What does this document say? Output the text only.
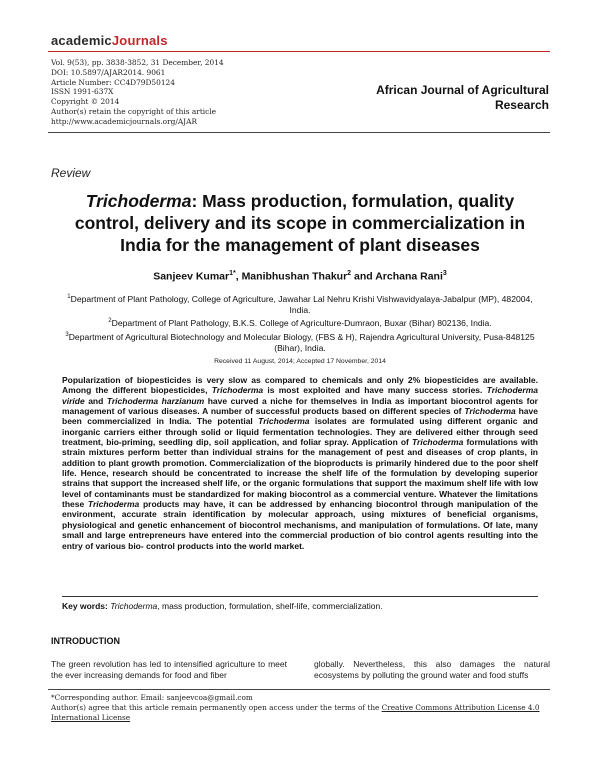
academicJournals
Vol. 9(53), pp. 3838-3852, 31 December, 2014
DOI: 10.5897/AJAR2014. 9061
Article Number: CC4D79D50124
ISSN 1991-637X
Copyright © 2014
Author(s) retain the copyright of this article
http://www.academicjournals.org/AJAR
African Journal of Agricultural
Research
Review
Trichoderma: Mass production, formulation, quality control, delivery and its scope in commercialization in India for the management of plant diseases
Sanjeev Kumar$^{1*}$, Manibhushan Thakur$^2$ and Archana Rani$^3$
$^1$Department of Plant Pathology, College of Agriculture, Jawahar Lal Nehru Krishi Vishwavidyalaya-Jabalpur (MP), 482004, India.
$^2$Department of Plant Pathology, B.K.S. College of Agriculture-Dumraon, Buxar (Bihar) 802136, India.
$^3$Department of Agricultural Biotechnology and Molecular Biology, (FBS & H), Rajendra Agricultural University, Pusa-848125 (Bihar), India.
Received 11 August, 2014; Accepted 17 November, 2014
Popularization of biopesticides is very slow as compared to chemicals and only 2% biopesticides are available. Among the different biopesticides, Trichoderma is most exploited and have many success stories. Trichoderma viride and Trichoderma harzianum have curved a niche for themselves in India as important biocontrol agents for management of various diseases. A number of successful products based on different species of Trichoderma have been commercialized in India. The potential Trichoderma isolates are formulated using different organic and inorganic carriers either through solid or liquid fermentation technologies. They are delivered either through seed treatment, bio-priming, seedling dip, soil application, and foliar spray. Application of Trichoderma formulations with strain mixtures perform better than individual strains for the management of pest and diseases of crop plants, in addition to plant growth promotion. Commercialization of the bioproducts is primarily hindered due to the poor shelf life. Hence, research should be concentrated to increase the shelf life of the formulation by developing superior strains that support the increased shelf life, or the organic formulations that support the maximum shelf life with low level of contaminants must be standardized for making biocontrol as a commercial venture. Whatever the limitations these Trichoderma products may have, it can be addressed by enhancing biocontrol through manipulation of the environment, accurate strain identification by molecular approach, using mixtures of beneficial organisms, physiological and genetic enhancement of biocontrol mechanisms, and manipulation of formulations. Of late, many small and large entrepreneurs have entered into the commercial production of bio control agents resulting into the entry of various bio- control products into the world market.
Key words: Trichoderma, mass production, formulation, shelf-life, commercialization.
INTRODUCTION
The green revolution has led to intensified agriculture to meet the ever increasing demands for food and fiber
globally. Nevertheless, this also damages the natural ecosystems by polluting the ground water and food stuffs
*Corresponding author. Email: sanjeevcoa@gmail.com
Author(s) agree that this article remain permanently open access under the terms of the Creative Commons Attribution License 4.0 International License
